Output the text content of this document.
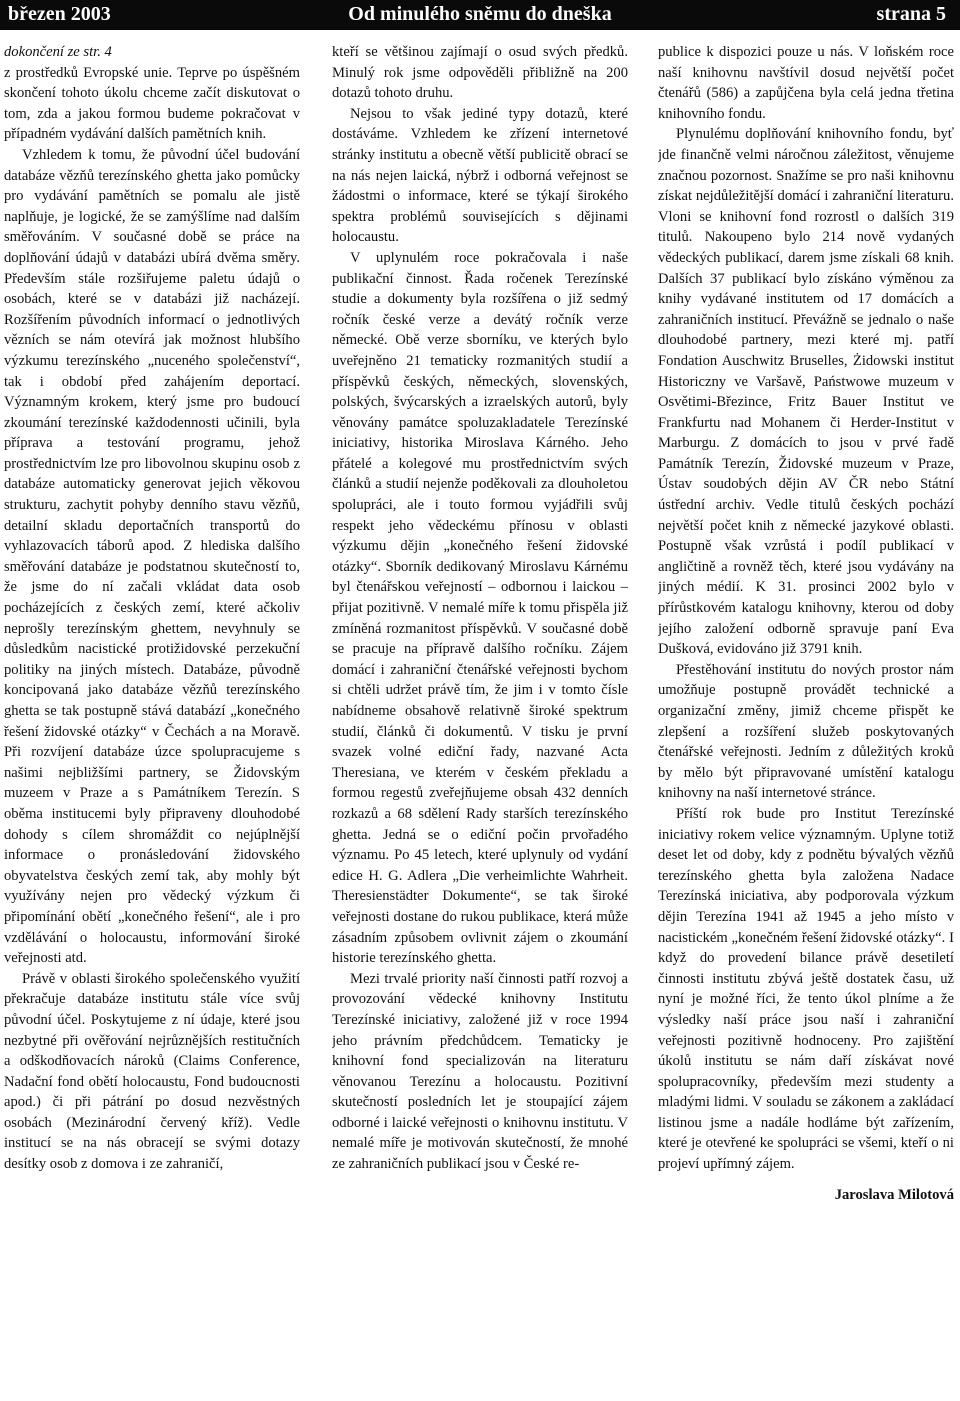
březen 2003	Od minulého sněmu do dneška	strana 5
dokončení ze str. 4

z prostředků Evropské unie. Teprve po úspěšném skončení tohoto úkolu chceme začít diskutovat o tom, zda a jakou formou budeme pokračovat v případném vydávání dalších pamětních knih.

Vzhledem k tomu, že původní účel budování databáze vězňů terezínského ghetta jako pomůcky pro vydávání pamětních se pomalu ale jistě naplňuje, je logické, že se zamýšlíme nad dalším směřováním. V současné době se práce na doplňování údajů v databázi ubírá dvěma směry. Především stále rozšiřujeme paletu údajů o osobách, které se v databázi již nacházejí. Rozšířením původních informací o jednotlivých vězních se nám otevírá jak možnost hlubšího výzkumu terezínského „nuceného společenství“, tak i období před zahájením deportací. Významným krokem, který jsme pro budoucí zkoumání terezínské každodennosti učinili, byla příprava a testování programu, jehož prostřednictvím lze pro libovolnou skupinu osob z databáze automaticky generovat jejich věkovou strukturu, zachytit pohyby denního stavu vězňů, detailní skladu deportačních transportů do vyhlazovacích táborů apod. Z hlediska dalšího směřování databáze je podstatnou skutečností to, že jsme do ní začali vkládat data osob pocházejících z českých zemí, které ačkoliv neprošly terezínským ghettem, nevyhnuly se důsledkům nacistické protižidovské perzekuční politiky na jiných místech. Databáze, původně koncipovaná jako databáze vězňů terezínského ghetta se tak postupně stává databází „konečného řešení židovské otázky“ v Čechách a na Moravě. Při rozvíjení databáze úzce spolupracujeme s našimi nejbližšími partnery, se Židovským muzeem v Praze a s Památníkem Terezín. S oběma institucemi byly připraveny dlouhodobé dohody s cílem shromáždit co nejúplnější informace o pronásledování židovského obyvatelstva českých zemí tak, aby mohly být využívány nejen pro vědecký výzkum či připomínání obětí „konečného řešení“, ale i pro vzdělávání o holocaustu, informování široké veřejnosti atd.

Právě v oblasti širokého společenského využití překračuje databáze institutu stále více svůj původní účel. Poskytujeme z ní údaje, které jsou nezbytné při ověřování nejrůznějších restitučních a odškodňovacích nároků (Claims Conference, Nadační fond obětí holocaustu, Fond budoucnosti apod.) či při pátrání po dosud nezvěstných osobách (Mezinárodní červený kříž). Vedle institucí se na nás obracejí se svými dotazy desítky osob z domova i ze zahraničí,

kteří se většinou zajímají o osud svých předků. Minulý rok jsme odpověděli přibližně na 200 dotazů tohoto druhu.

Nejsou to však jediné typy dotazů, které dostáváme. Vzhledem ke zřízení internetové stránky institutu a obecně větší publicitě obrací se na nás nejen laická, nýbrž i odborná veřejnost se žádostmi o informace, které se týkají širokého spektra problémů souvisejících s dějinami holocaustu.

V uplynulém roce pokračovala i naše publikační činnost. Řada ročenek Terezínské studie a dokumenty byla rozšířena o již sedmý ročník české verze a devátý ročník verze německé. Obě verze sborníku, ve kterých bylo uveřejněno 21 tematicky rozmanitých studií a příspěvků českých, německých, slovenských, polských, švýcarských a izraelských autorů, byly věnovány památce spoluzakladatele Terezínské iniciativy, historika Miroslava Kárného. Jeho přátelé a kolegové mu prostřednictvím svých článků a studií nejenže poděkovali za dlouholetou spolupráci, ale i touto formou vyjádřili svůj respekt jeho vědeckému přínosu v oblasti výzkumu dějin „konečného řešení židovské otázky“. Sborník dedikovaný Miroslavu Kárnému byl čtenářskou veřejností – odbornou i laickou – přijat pozitivně. V nemalé míře k tomu přispěla již zmíněná rozmanitost příspěvků. V současné době se pracuje na přípravě dalšího ročníku. Zájem domácí i zahraniční čtenářské veřejnosti bychom si chtěli udržet právě tím, že jim i v tomto čísle nabídneme obsahově relativně široké spektrum studií, článků či dokumentů. V tisku je první svazek volné ediční řady, nazvané Acta Theresiana, ve kterém v českém překladu a formou regestů zveřejňujeme obsah 432 denních rozkazů a 68 sdělení Rady starších terezínského ghetta. Jedná se o ediční počin prvořadého významu. Po 45 letech, které uplynuly od vydání edice H. G. Adlera „Die verheimlichte Wahrheit. Theresienstädter Dokumente“, se tak široké veřejnosti dostane do rukou publikace, která může zásadním způsobem ovlivnit zájem o zkoumání historie terezínského ghetta.

Mezi trvalé priority naší činnosti patří rozvoj a provozování vědecké knihovny Institutu Terezínské iniciativy, založené již v roce 1994 jeho právním předchůdcem. Tematicky je knihovní fond specializován na literaturu věnovanou Terezínu a holocaustu. Pozitivní skutečností posledních let je stoupající zájem odborné i laické veřejnosti o knihovnu institutu. V nemalé míře je motivován skutečností, že mnohé ze zahraničních publikací jsou v České re-

publice k dispozici pouze u nás. V loňském roce naší knihovnu navštívil dosud největší počet čtenářů (586) a zapůjčena byla celá jedna třetina knihovního fondu.

Plynulému doplňování knihovního fondu, byť jde finančně velmi náročnou záležitost, věnujeme značnou pozornost. Snažíme se pro naši knihovnu získat nejdůležitější domácí i zahraniční literaturu. Vloni se knihovní fond rozrostl o dalších 319 titulů. Nakoupeno bylo 214 nově vydaných vědeckých publikací, darem jsme získali 68 knih. Dalších 37 publikací bylo získáno výměnou za knihy vydávané institutem od 17 domácích a zahraničních institucí. Převážně se jednalo o naše dlouhodobé partnery, mezi které mj. patří Fondation Auschwitz Bruselles, Żidowski institut Historiczny ve Varšavě, Państwowe muzeum v Osvětimi-Březince, Fritz Bauer Institut ve Frankfurtu nad Mohanem či Herder-Institut v Marburgu. Z domácích to jsou v prvé řadě Památník Terezín, Židovské muzeum v Praze, Ústav soudobých dějin AV ČR nebo Státní ústřední archiv. Vedle titulů českých pochází největší počet knih z německé jazykové oblasti. Postupně však vzrůstá i podíl publikací v angličtině a rovněž těch, které jsou vydávány na jiných médií. K 31. prosinci 2002 bylo v přírůstkovém katalogu knihovny, kterou od doby jejího založení odborně spravuje paní Eva Dušková, evidováno již 3791 knih.

Přestěhování institutu do nových prostor nám umožňuje postupně provádět technické a organizační změny, jimiž chceme přispět ke zlepšení a rozšíření služeb poskytovaných čtenářské veřejnosti. Jedním z důležitých kroků by mělo být připravované umístění katalogu knihovny na naší internetové stránce.

Příští rok bude pro Institut Terezínské iniciativy rokem velice významným. Uplyne totiž deset let od doby, kdy z podnětu bývalých vězňů terezínského ghetta byla založena Nadace Terezínská iniciativa, aby podporovala výzkum dějin Terezína 1941 až 1945 a jeho místo v nacistickém „konečném řešení židovské otázky“. I když do provedení bilance právě desetiletí činnosti institutu zbývá ještě dostatek času, už nyní je možné říci, že tento úkol plníme a že výsledky naší práce jsou naší i zahraniční veřejnosti pozitivně hodnoceny. Pro zajištění úkolů institutu se nám daří získávat nové spolupracovníky, především mezi studenty a mladými lidmi. V souladu se zákonem a zakládací listinou jsme a nadále hodláme být zařízením, které je otevřené ke spolupráci se všemi, kteří o ni projeví upřímný zájem.

Jaroslava Milotová
